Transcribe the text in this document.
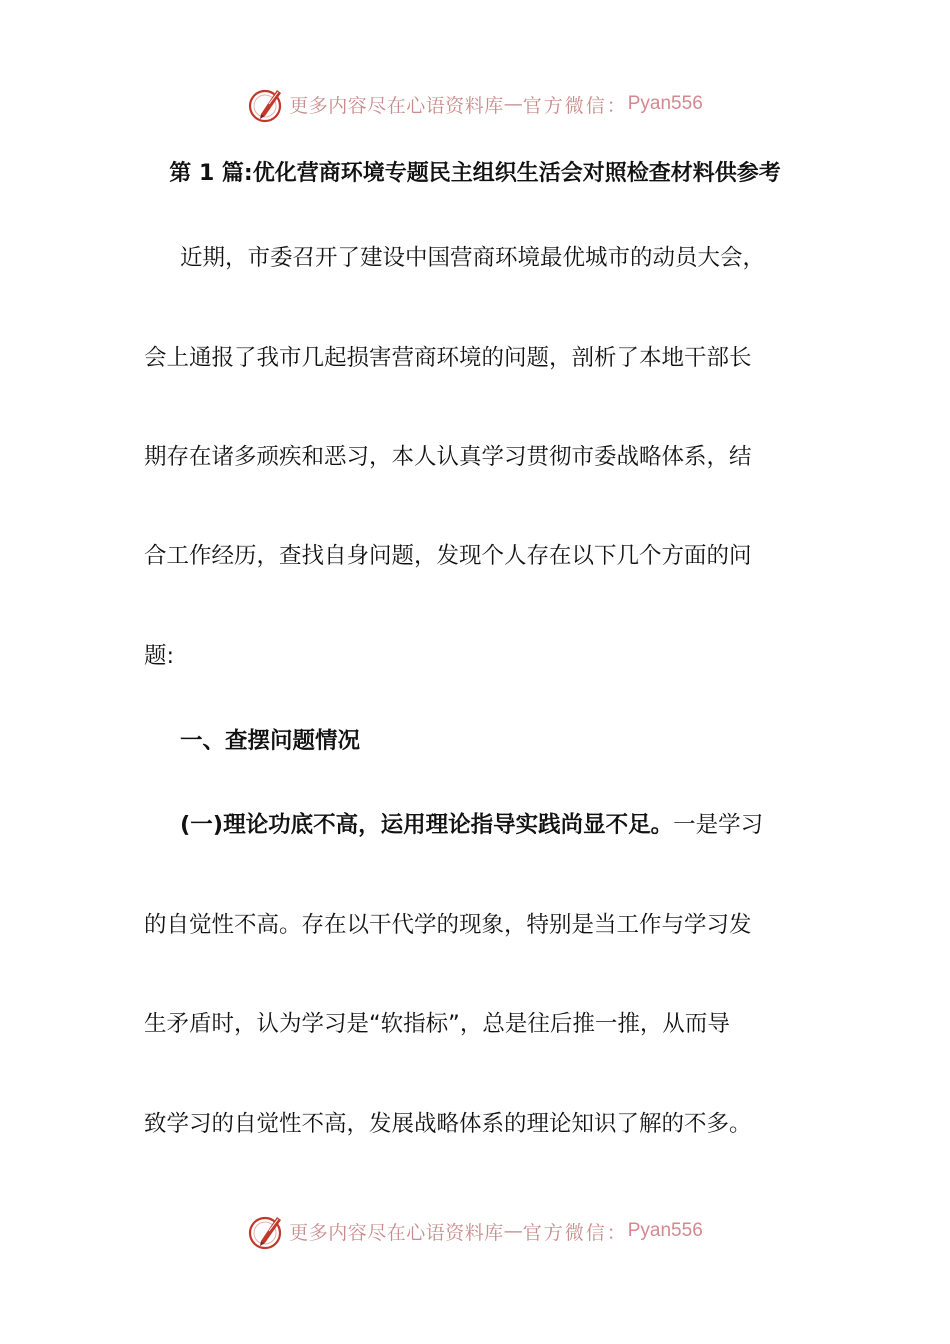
更多内容尽在心语资料库 — 官方微信： Pyan556
第 1 篇:优化营商环境专题民主组织生活会对照检查材料供参考
近期，市委召开了建设中国营商环境最优城市的动员大会，
会上通报了我市几起损害营商环境的问题，剖析了本地干部长
期存在诸多顽疾和恶习，本人认真学习贯彻市委战略体系，结
合工作经历，查找自身问题，发现个人存在以下几个方面的问
题:
一、查摆问题情况
(一)理论功底不高，运用理论指导实践尚显不足。一是学习
的自觉性不高。存在以干代学的现象，特别是当工作与学习发
生矛盾时，认为学习是“软指标”，总是往后推一推，从而导
致学习的自觉性不高，发展战略体系的理论知识了解的不多。
更多内容尽在心语资料库 — 官方微信： Pyan556
